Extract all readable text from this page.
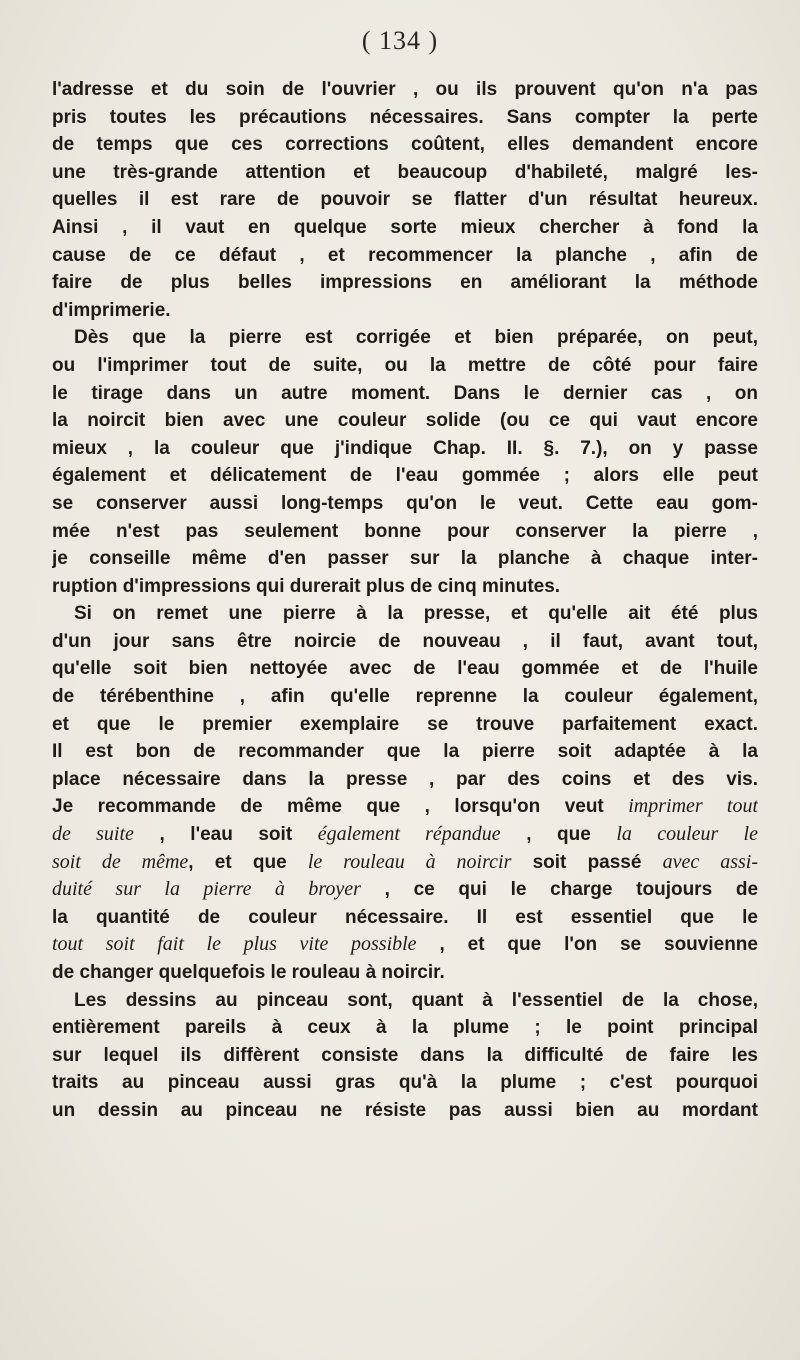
( 134 )
l'adresse et du soin de l'ouvrier , ou ils prouvent qu'on n'a pas
pris toutes les précautions nécessaires. Sans compter la perte
de temps que ces corrections coûtent, elles demandent encore
une très-grande attention et beaucoup d'habileté, malgré les-
quelles il est rare de pouvoir se flatter d'un résultat heureux.
Ainsi , il vaut en quelque sorte mieux chercher à fond la
cause de ce défaut , et recommencer la planche , afin de
faire de plus belles impressions en améliorant la méthode
d'imprimerie.
Dès que la pierre est corrigée et bien préparée, on peut,
ou l'imprimer tout de suite, ou la mettre de côté pour faire
le tirage dans un autre moment. Dans le dernier cas , on
la noircit bien avec une couleur solide (ou ce qui vaut encore
mieux , la couleur que j'indique Chap. II. §. 7.), on y passe
également et délicatement de l'eau gommée ; alors elle peut
se conserver aussi long-temps qu'on le veut. Cette eau gom-
mée n'est pas seulement bonne pour conserver la pierre ,
je conseille même d'en passer sur la planche à chaque inter-
ruption d'impressions qui durerait plus de cinq minutes.
Si on remet une pierre à la presse, et qu'elle ait été plus
d'un jour sans être noircie de nouveau , il faut, avant tout,
qu'elle soit bien nettoyée avec de l'eau gommée et de l'huile
de térébenthine , afin qu'elle reprenne la couleur également,
et que le premier exemplaire se trouve parfaitement exact.
Il est bon de recommander que la pierre soit adaptée à la
place nécessaire dans la presse , par des coins et des vis.
Je recommande de même que , lorsqu'on veut imprimer tout
de suite , l'eau soit également répandue , que la couleur le
soit de même, et que le rouleau à noircir soit passé avec assi-
duité sur la pierre à broyer , ce qui le charge toujours de
la quantité de couleur nécessaire. Il est essentiel que le
tout soit fait le plus vite possible , et que l'on se souvienne
de changer quelquefois le rouleau à noircir.
Les dessins au pinceau sont, quant à l'essentiel de la chose,
entièrement pareils à ceux à la plume ; le point principal
sur lequel ils diffèrent consiste dans la difficulté de faire les
traits au pinceau aussi gras qu'à la plume ; c'est pourquoi
un dessin au pinceau ne résiste pas aussi bien au mordant
